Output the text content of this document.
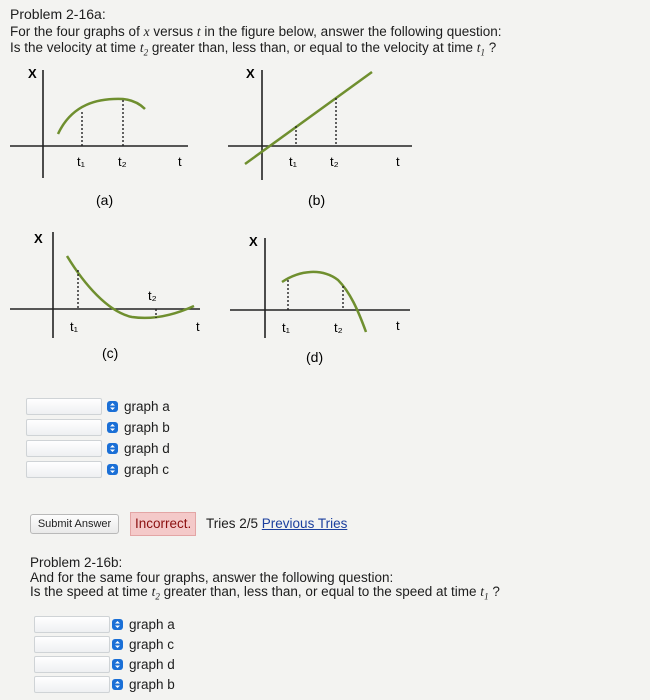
Problem 2-16a:
For the four graphs of x versus t in the figure below, answer the following question:
Is the velocity at time $t_2$ greater than, less than, or equal to the velocity at time $t_1$ ?
X
t₁	t₂	t
(a)
X
t₁	t₂	t
(b)
X
t₁
t₂
t
(c)
X
t₁	t₂	t
(d)
graph a
graph b
graph d
graph c
Submit Answer	Incorrect.	Tries 2/5 Previous Tries
Problem 2-16b:
And for the same four graphs, answer the following question:
Is the speed at time $t_2$ greater than, less than, or equal to the speed at time $t_1$ ?
graph a
graph c
graph d
graph b
